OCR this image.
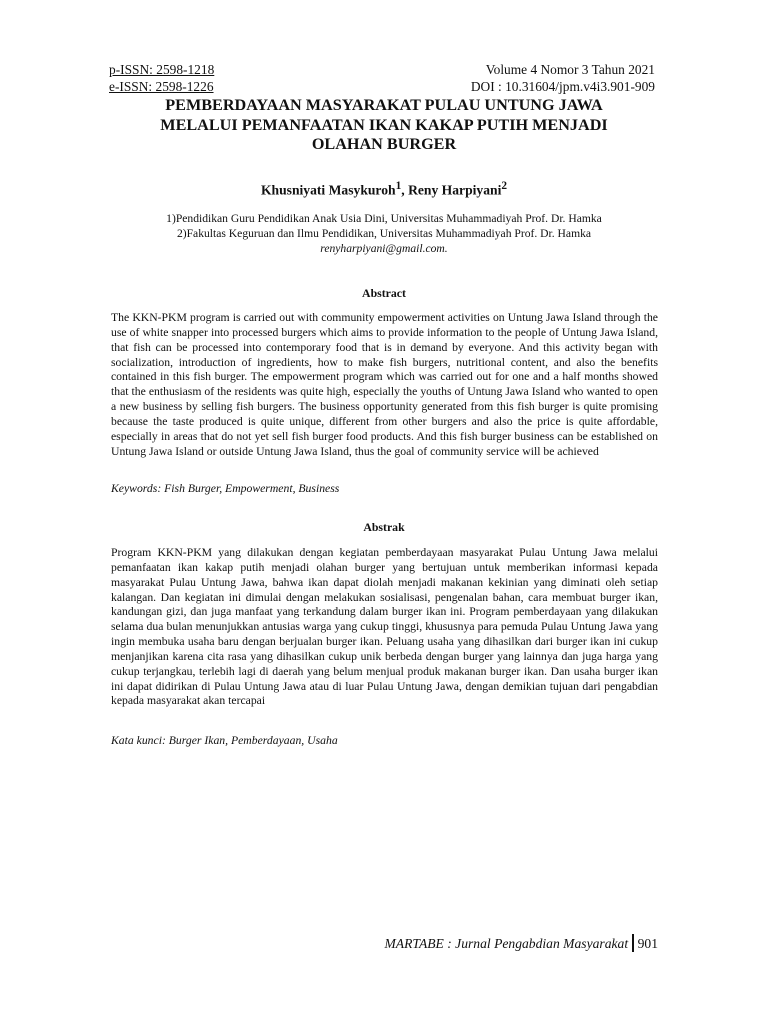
p-ISSN: 2598-1218	Volume 4 Nomor 3 Tahun 2021
e-ISSN: 2598-1226	DOI : 10.31604/jpm.v4i3.901-909
PEMBERDAYAAN MASYARAKAT PULAU UNTUNG JAWA
MELALUI PEMANFAATAN IKAN KAKAP PUTIH MENJADI
OLAHAN BURGER
Khusniyati Masykuroh$^1$, Reny Harpiyani$^2$
1)Pendidikan Guru Pendidikan Anak Usia Dini, Universitas Muhammadiyah Prof. Dr. Hamka
2)Fakultas Keguruan dan Ilmu Pendidikan, Universitas Muhammadiyah Prof. Dr. Hamka
renyharpiyani@gmail.com.
Abstract
The KKN-PKM program is carried out with community empowerment activities on Untung Jawa Island through the use of white snapper into processed burgers which aims to provide information to the people of Untung Jawa Island, that fish can be processed into contemporary food that is in demand by everyone. And this activity began with socialization, introduction of ingredients, how to make fish burgers, nutritional content, and also the benefits contained in this fish burger. The empowerment program which was carried out for one and a half months showed that the enthusiasm of the residents was quite high, especially the youths of Untung Jawa Island who wanted to open a new business by selling fish burgers. The business opportunity generated from this fish burger is quite promising because the taste produced is quite unique, different from other burgers and also the price is quite affordable, especially in areas that do not yet sell fish burger food products. And this fish burger business can be established on Untung Jawa Island or outside Untung Jawa Island, thus the goal of community service will be achieved
Keywords: Fish Burger, Empowerment, Business
Abstrak
Program KKN-PKM yang dilakukan dengan kegiatan pemberdayaan masyarakat Pulau Untung Jawa melalui pemanfaatan ikan kakap putih menjadi olahan burger yang bertujuan untuk memberikan informasi kepada masyarakat Pulau Untung Jawa, bahwa ikan dapat diolah menjadi makanan kekinian yang diminati oleh setiap kalangan. Dan kegiatan ini dimulai dengan melakukan sosialisasi, pengenalan bahan, cara membuat burger ikan, kandungan gizi, dan juga manfaat yang terkandung dalam burger ikan ini. Program pemberdayaan yang dilakukan selama dua bulan menunjukkan antusias warga yang cukup tinggi, khususnya para pemuda Pulau Untung Jawa yang ingin membuka usaha baru dengan berjualan burger ikan. Peluang usaha yang dihasilkan dari burger ikan ini cukup menjanjikan karena cita rasa yang dihasilkan cukup unik berbeda dengan burger yang lainnya dan juga harga yang cukup terjangkau, terlebih lagi di daerah yang belum menjual produk makanan burger ikan. Dan usaha burger ikan ini dapat didirikan di Pulau Untung Jawa atau di luar Pulau Untung Jawa, dengan demikian tujuan dari pengabdian kepada masyarakat akan tercapai
Kata kunci: Burger Ikan, Pemberdayaan, Usaha
MARTABE : Jurnal Pengabdian Masyarakat 901
